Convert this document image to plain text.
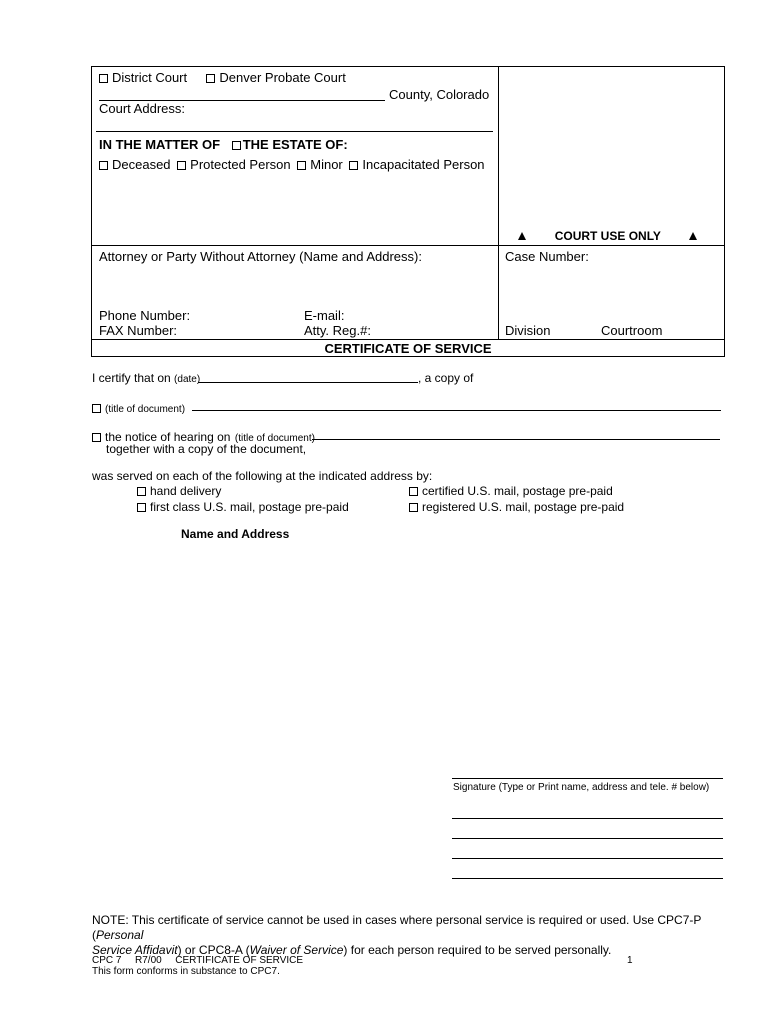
District Court Denver Probate Court
County, Colorado
Court Address:
IN THE MATTER OF THE ESTATE OF:
Deceased Protected Person Minor Incapacitated Person
COURT USE ONLY
Attorney or Party Without Attorney (Name and Address):	Case Number:
Phone Number:	E-mail:
FAX Number:	Atty. Reg.#:	Division	Courtroom
CERTIFICATE OF SERVICE
I certify that on (date)	, a copy of
(title of document)
the notice of hearing on (title of document)
together with a copy of the document,
was served on each of the following at the indicated address by:
hand delivery	certified U.S. mail, postage pre-paid
first class U.S. mail, postage pre-paid	registered U.S. mail, postage pre-paid
Name and Address
Signature (Type or Print name, address and tele. # below)
NOTE: This certificate of service cannot be used in cases where personal service is required or used. Use CPC7-P (Personal
Service Affidavit) or CPC8-A (Waiver of Service) for each person required to be served personally.
CPC 7 R7/00 CERTIFICATE OF SERVICE
This form conforms in substance to CPC7.
1
